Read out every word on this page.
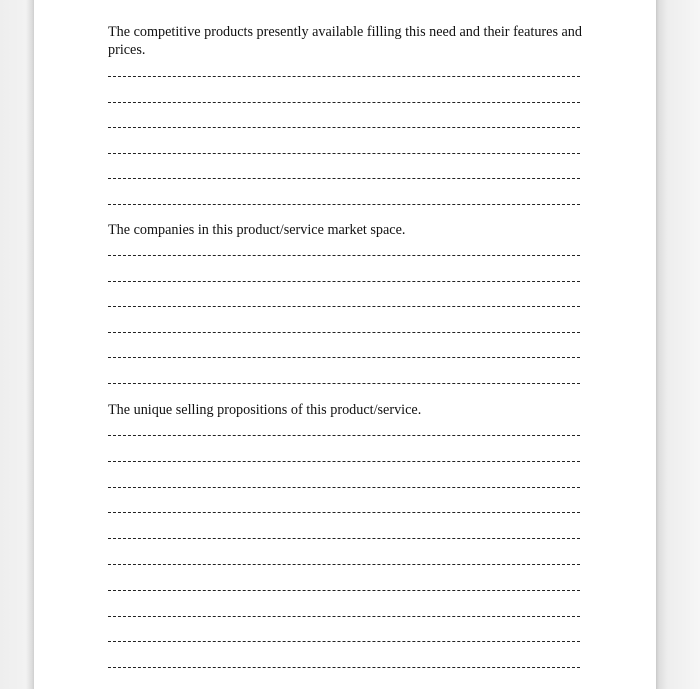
The competitive products presently available filling this need and their features and prices.

The companies in this product/service market space.

The unique selling propositions of this product/service.
